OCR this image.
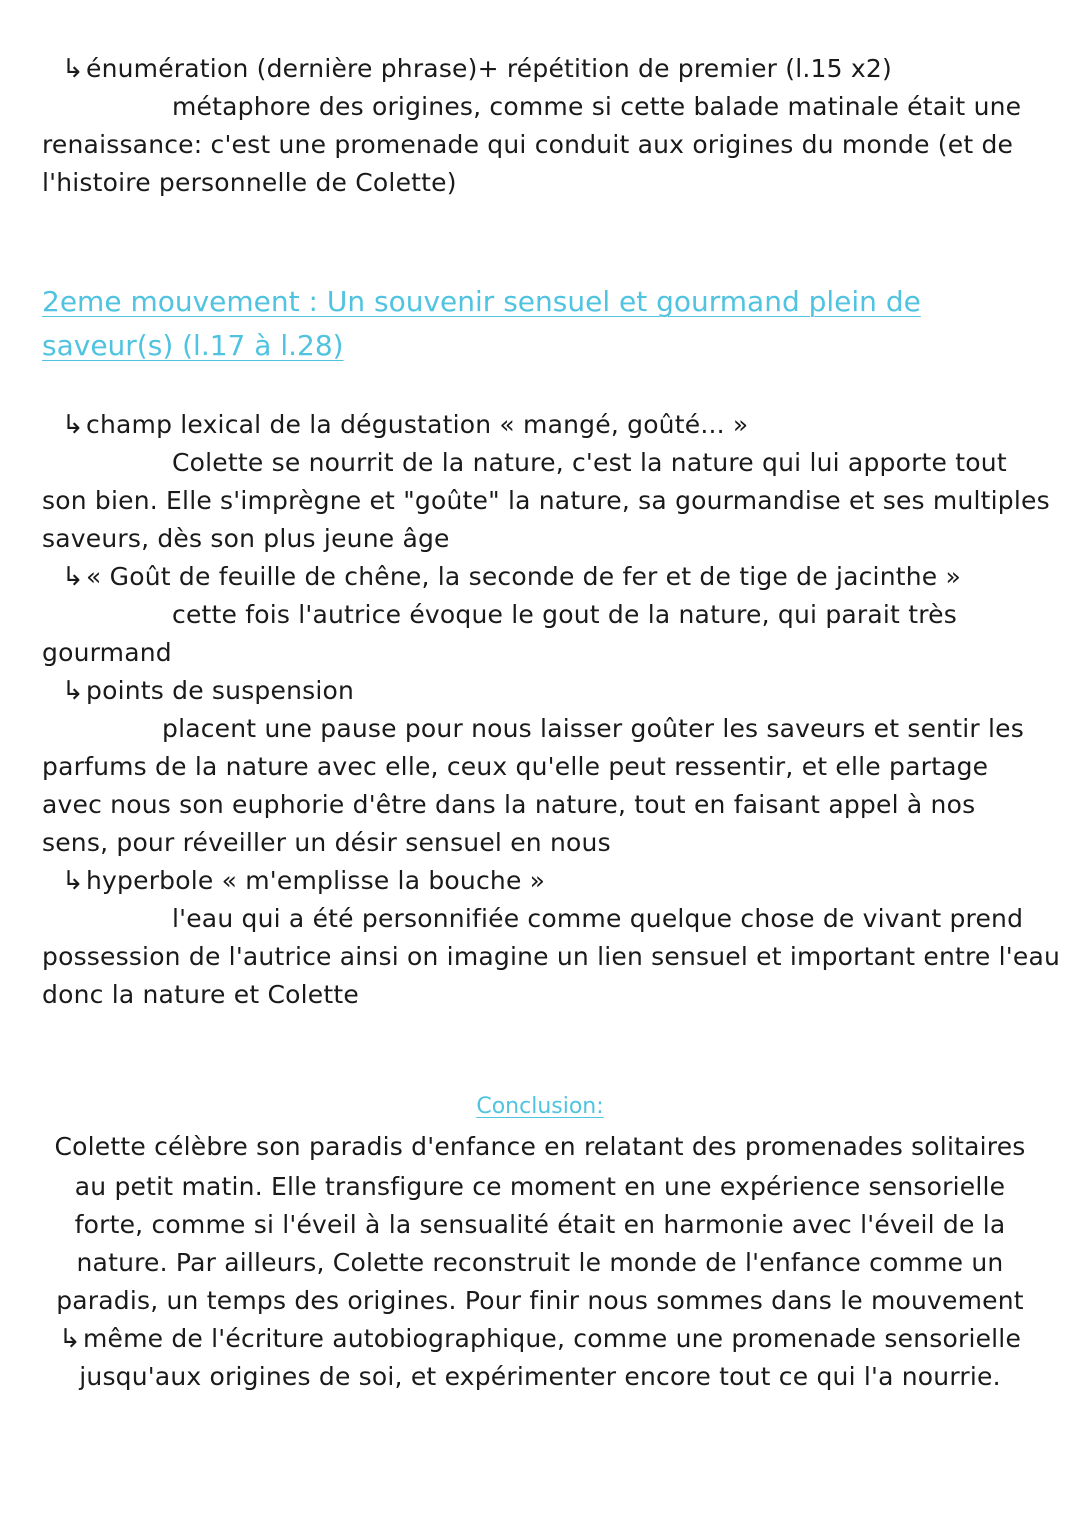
↳énumération (dernière phrase)+ répétition de premier (l.15 x2)
métaphore des origines, comme si cette balade matinale était une
renaissance: c'est une promenade qui conduit aux origines du monde (et de
l'histoire personnelle de Colette)
2eme mouvement : Un souvenir sensuel et gourmand plein de
saveur(s) (l.17 à l.28)
↳champ lexical de la dégustation « mangé, goûté... »
Colette se nourrit de la nature, c'est la nature qui lui apporte tout
son bien. Elle s'imprègne et "goûte" la nature, sa gourmandise et ses multiples
saveurs, dès son plus jeune âge
↳« Goût de feuille de chêne, la seconde de fer et de tige de jacinthe »
cette fois l'autrice évoque le gout de la nature, qui parait très
gourmand
↳points de suspension
placent une pause pour nous laisser goûter les saveurs et sentir les
parfums de la nature avec elle, ceux qu'elle peut ressentir, et elle partage
avec nous son euphorie d'être dans la nature, tout en faisant appel à nos
sens, pour réveiller un désir sensuel en nous
↳hyperbole « m'emplisse la bouche »
l'eau qui a été personnifiée comme quelque chose de vivant prend
possession de l'autrice ainsi on imagine un lien sensuel et important entre l'eau
donc la nature et Colette
Conclusion:
Colette célèbre son paradis d'enfance en relatant des promenades solitaires
au petit matin. Elle transfigure ce moment en une expérience sensorielle
forte, comme si l'éveil à la sensualité était en harmonie avec l'éveil de la
nature. Par ailleurs, Colette reconstruit le monde de l'enfance comme un
paradis, un temps des origines. Pour finir nous sommes dans le mouvement
↳même de l'écriture autobiographique, comme une promenade sensorielle
jusqu'aux origines de soi, et expérimenter encore tout ce qui l'a nourrie.
